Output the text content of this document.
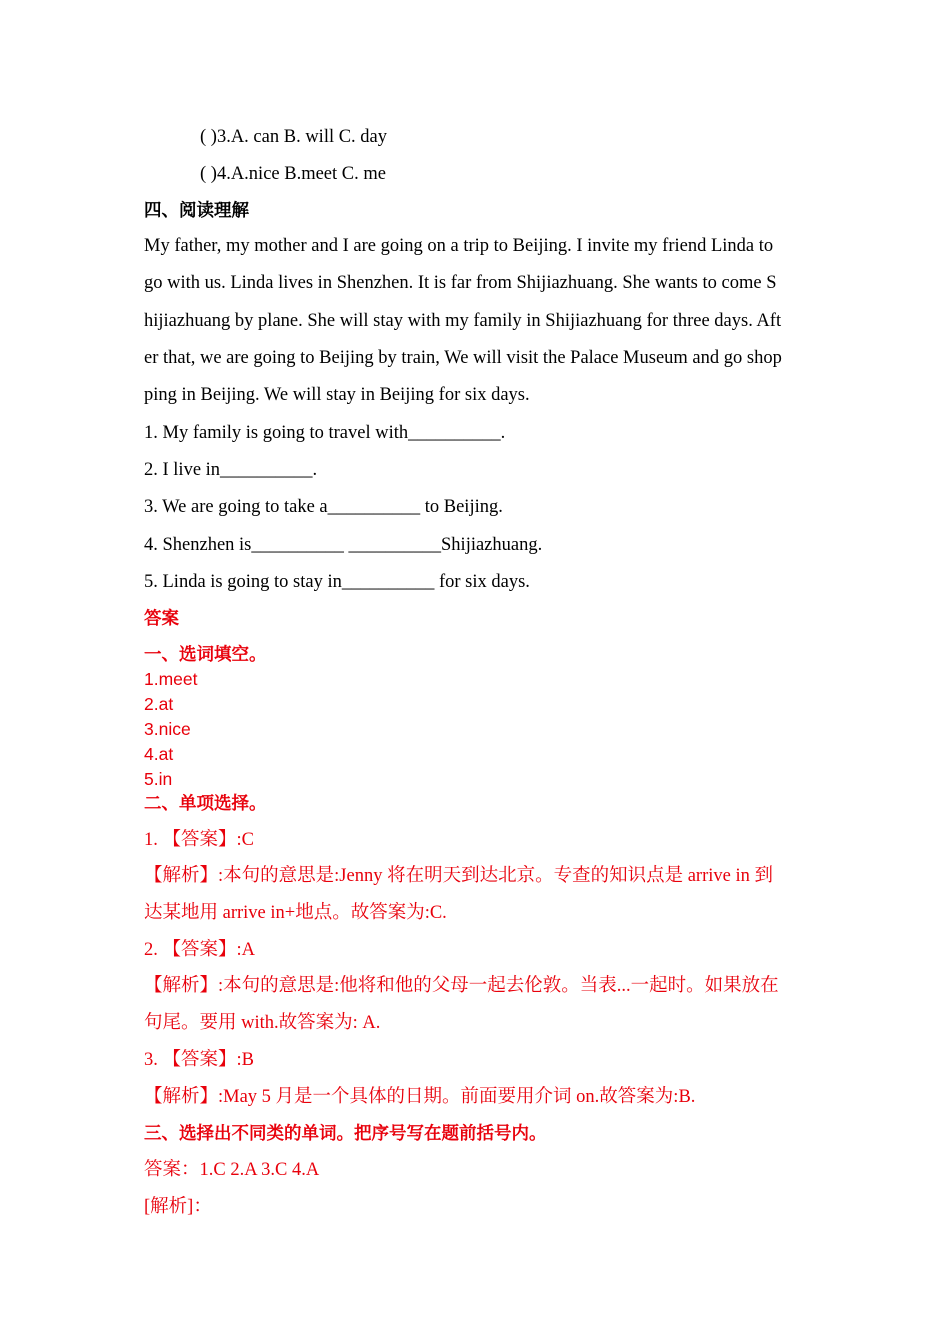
( )3.A. can B. will C. day
( )4.A.nice B.meet C. me
四、阅读理解
My father, my mother and I are going on a trip to Beijing. I invite my friend Linda to
go with us. Linda lives in Shenzhen. It is far from Shijiazhuang. She wants to come S
hijiazhuang by plane. She will stay with my family in Shijiazhuang for three days. Aft
er that, we are going to Beijing by train, We will visit the Palace Museum and go shop
ping in Beijing. We will stay in Beijing for six days.
1. My family is going to travel with__________.
2. I live in__________.
3. We are going to take a__________ to Beijing.
4. Shenzhen is__________ __________Shijiazhuang.
5. Linda is going to stay in__________ for six days.
答案
一、选词填空。
1.meet
2.at
3.nice
4.at
5.in
二、单项选择。
1. 【答案】:C
【解析】:本句的意思是:Jenny 将在明天到达北京。专查的知识点是 arrive in 到
达某地用 arrive in+地点。故答案为:C.
2. 【答案】:A
【解析】:本句的意思是:他将和他的父母一起去伦敦。当表...一起时。如果放在
句尾。要用 with.故答案为: A.
3. 【答案】:B
【解析】:May 5 月是一个具体的日期。前面要用介词 on.故答案为:B.
三、选择出不同类的单词。把序号写在题前括号内。
答案：1.C 2.A 3.C 4.A
[解析]：
